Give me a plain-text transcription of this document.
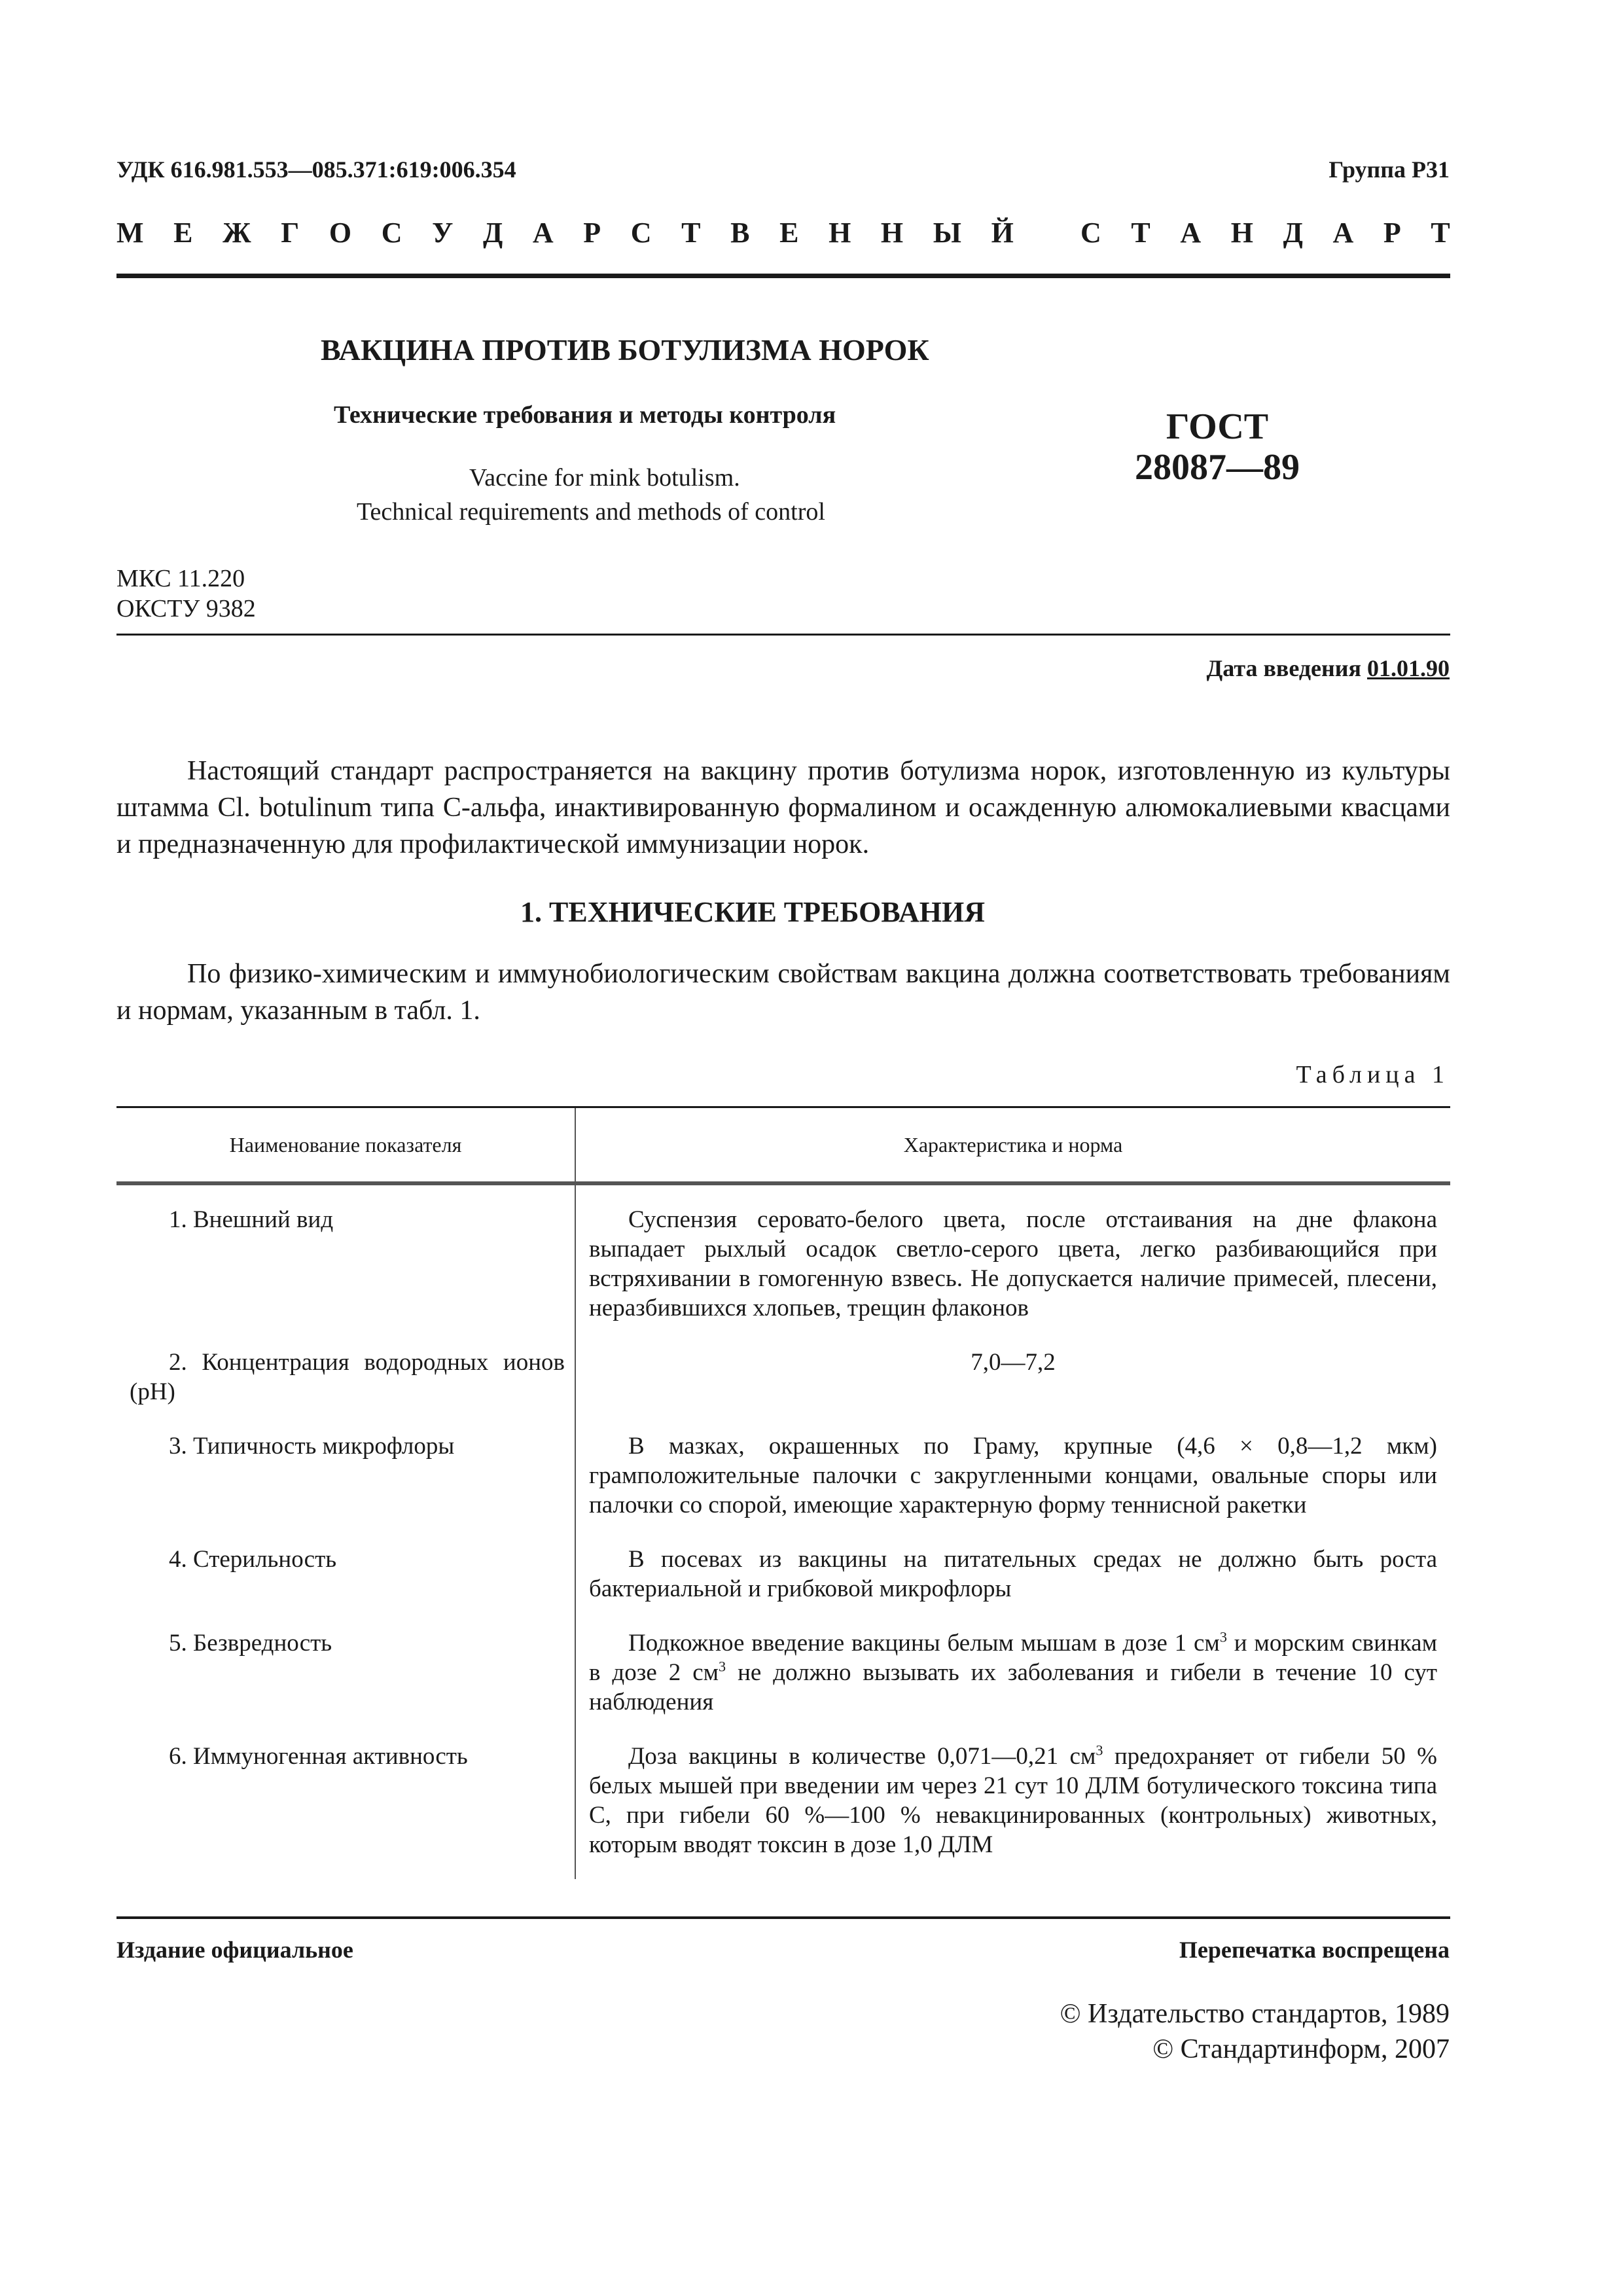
УДК 616.981.553—085.371:619:006.354	Группа Р31
М Е Ж Г О С У Д А Р С Т В Е Н Н Ы Й
С Т А Н Д А Р Т
ВАКЦИНА ПРОТИВ БОТУЛИЗМА НОРОК
Технические требования и методы контроля
Vaccine for mink botulism.
Technical requirements and methods of control
ГОСТ
28087—89
МКС 11.220
ОКСТУ 9382
Дата введения 01.01.90
Настоящий стандарт распространяется на вакцину против ботулизма норок, изготовленную из культуры штамма Cl. botulinum типа С-альфа, инактивированную формалином и осажденную алюмокалиевыми квасцами и предназначенную для профилактической иммунизации норок.
1. ТЕХНИЧЕСКИЕ ТРЕБОВАНИЯ
По физико-химическим и иммунобиологическим свойствам вакцина должна соответствовать требованиям и нормам, указанным в табл. 1.
Таблица 1
Наименование показателя	Характеристика и норма
1. Внешний вид	Суспензия серовато-белого цвета, после отстаивания на дне флакона выпадает рыхлый осадок светло-серого цвета, легко разбивающийся при встряхивании в гомогенную взвесь. Не допускается наличие примесей, плесени, неразбившихся хлопьев, трещин флаконов

2. Концентрация водородных ионов (рН)	7,0—7,2

3. Типичность микрофлоры	В мазках, окрашенных по Граму, крупные (4,6 × 0,8—1,2 мкм) грамположительные палочки с закругленными концами, овальные споры или палочки со спорой, имеющие характерную форму теннисной ракетки

4. Стерильность	В посевах из вакцины на питательных средах не должно быть роста бактериальной и грибковой микрофлоры

5. Безвредность	Подкожное введение вакцины белым мышам в дозе 1 $см^3$ и морским свинкам в дозе 2 $см^3$ не должно вызывать их заболевания и гибели в течение 10 сут наблюдения

6. Иммуногенная активность	Доза вакцины в количестве 0,071—0,21 $см^3$ предохраняет от гибели 50 % белых мышей при введении им через 21 сут 10 ДЛМ ботулического токсина типа С, при гибели 60 %—100 % невакцинированных (контрольных) животных, которым вводят токсин в дозе 1,0 ДЛМ
Издание официальное	Перепечатка воспрещена
© Издательство стандартов, 1989
© Стандартинформ, 2007
